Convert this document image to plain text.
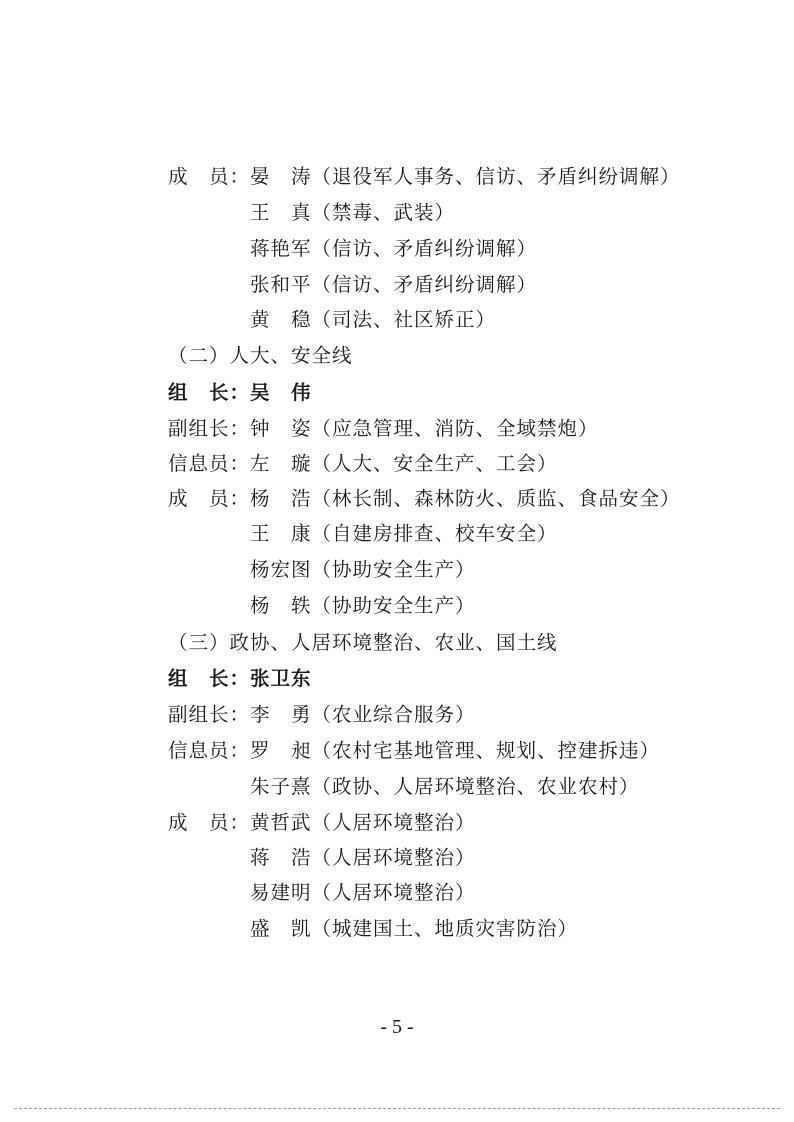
成　员：晏　涛（退役军人事务、信访、矛盾纠纷调解）
王　真（禁毒、武装）
蒋艳军（信访、矛盾纠纷调解）
张和平（信访、矛盾纠纷调解）
黄　稳（司法、社区矫正）
（二）人大、安全线
组　长：吴　伟
副组长：钟　姿（应急管理、消防、全域禁炮）
信息员：左　璇（人大、安全生产、工会）
成　员：杨　浩（林长制、森林防火、质监、食品安全）
王　康（自建房排查、校车安全）
杨宏图（协助安全生产）
杨　轶（协助安全生产）
（三）政协、人居环境整治、农业、国土线
组　长：张卫东
副组长：李　勇（农业综合服务）
信息员：罗　昶（农村宅基地管理、规划、控建拆违）
朱子熹（政协、人居环境整治、农业农村）
成　员：黄哲武（人居环境整治）
蒋　浩（人居环境整治）
易建明（人居环境整治）
盛　凯（城建国土、地质灾害防治）
- 5 -
